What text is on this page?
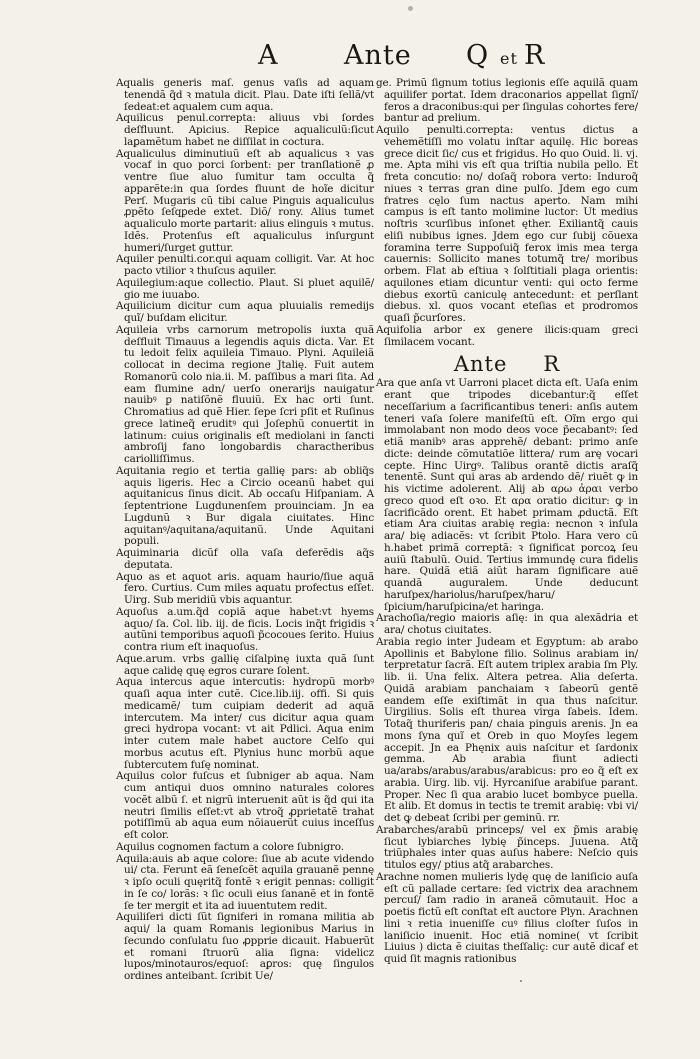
A Ante Q et R
Aqualis generis maſ. genus vaſis ad aquam tenendã q̃d ꝛ matula dicit. Plau. Date iſti ſellã/vt ſedeat:et aqualem cum aqua.
Aquilicus penul.correpta: aliuus vbi ſordes deſfluunt. Apicius. Repice aqualiculũ:ſicut laꝑamẽtum habet ne diſſilat in coctura.
Aqualiculus diminutiuũ eſt ab aqualicus ꝛ vas vocaf in quo porci ſorbent: per tranſlationẽ ꝓ ventre ſiue aluo ſumitur tam occulta q̃ apparẽte:in qua ſordes fluunt de hoĩe dicitur Perſ. Mugaris cũ tibi calue Pinguis aqualiculus ꝓpẽto ſeſqꝑede extet. Diõ/ rony. Alius tumet aqualiculo morte partarit: alius elinguis ꝛ mutus. Idẽs. Protenſus eſt aqualiculus inſurgunt humeri/ſurget guttur.
Aquiler penulti.cor.qui aquam colligit. Var. At hoc pacto vtilior ꝛ thuſcus aquiler.
Aquilegium:aque collectio. Plaut. Si pluet aquilẽ/ gio me iuuabo.
Aquilicium dicitur cum aqua pluuialis remedijs quĩ/ buſdam elicitur.
Aquileia vrbs carnorum metropolis iuxta quã deſfluit Timauus a legendis aquis dicta. Var. Et tu ledoit felix aquileia Timauo. Plyni. Aquileiã collocat in decima regione Jtalię. Fuit autem Romanorũ colo nia.ii. M. paſſibus a mari ſita. Ad eam flumine adn/ uerſo onerarijs nauigatur nauibꝰ ꝑ natiſõnẽ fluuiũ. Ex hac orti ſunt. Chromatius ad quẽ Hier. ſepe ſcri pſit et Ruſinus grece latineq̃ eruditꝰ qui Joſephũ conuertit in latinum: cuius originalis eſt mediolani in ſancti ambroſij fano longobardis charactheribus cariolliſſimus.
Aquitania regio et tertia gallię pars: ab obliq̃s aquis ligeris. Hec a Circio oceanũ habet qui aquitanicus ſinus dicit. Ab occaſu Hiſpaniam. A ſeptentrione Lugdunenſem prouinciam. Jn ea Lugdunũ ꝛ Bur digala ciuitates. Hinc aquitanꝰ/aquitana/aquitanũ. Unde Aquitani populi.
Aquiminaria dicũf olla vaſa deferẽdis aq̃s deputata.
Aquo as et aquot aris. aquam haurio/ſiue aquã fero. Curtius. Cum miles aquatu profectus eſſet. Uirg. Sub meridiũ vbis aquantur.
Aquoſus a.um.q̃d copiã aque habet:vt hyems aquo/ ſa. Col. lib. iij. de ficis. Locis inq̃t frigidis ꝛ autũni temporibus aquoſi p̃cocoues ſerito. Huius contra rium eſt inaquoſus.
Aque.arum. vrbs gallię ciſalpinę iuxta quã ſunt aque calidę quę egros curare ſolent.
Aqua intercus aque intercutis: hydropũ morbꝰ quaſi aqua inter cutẽ. Cice.lib.iij. offi. Si quis medicamẽ/ tum cuipiam dederit ad aquã intercutem. Ma inter/ cus dicitur aqua quam greci hydropa vocant: vt ait Pdlici. Aqua enim inter cutem male habet auctore Celſo qui morbus acutus eſt. Plynius hunc morbũ aque ſubtercutem fuſę nominat.
Aquilus color fuſcus et ſubniger ab aqua. Nam cum antiqui duos omnino naturales colores vocẽt albũ ſ. et nigrũ interuenit aũt is q̃d qui ita neutri ſimilis eſſet:vt ab vtroq̃ ꝓprietatẽ trahat potiſſimũ ab aqua eum nõiauerũt cuius inceſſus eſt color.
Aquilus cognomen factum a colore ſubnigro.
Aquila:auis ab aque colore: ſiue ab acute videndo ui/ cta. Ferunt eã ſeneſcẽt aquila grauanẽ pennę ꝛ ipſo oculi quęritq̃ fontẽ ꝛ erigit pennas: colligit in ſe co/ lorãs: ꝛ ſic oculi eius ſananẽ et in fontẽ ſe ter mergit et ita ad iuuentutem redit.
Aquiliſeri dicti ſũt ſigniferi in romana militia ab aqui/ la quam Romanis legionibus Marius in ſecundo conſulatu ſuo ꝓpprie dicauit. Habuerũt et romani ſtruorũ alia ſigna: videlicz lupos/minotauros/equoſ: aꝑros: quę ſingulos ordines anteibant. ſcribit Ue/
ge. Primũ ſignum totius legionis eſſe aquilã quam aquilifer portat. Idem draconarios appellat ſignĩ/ feros a draconibus:qui per ſingulas cohortes fere/ bantur ad prelium.
Aquilo penulti.correpta: ventus dictus a vehemẽtiſſi mo volatu inſtar aquilę. Hic boreas grece dicit ſic/ cus et frigidus. Ho quo Ouid. li. vj. me. Apta mihi vis eſt qua triſtia nubila pello. Et freta concutio: no/ doſaq̃ robora verto: Induroq̃ niues ꝛ terras gran dine pulſo. Jdem ego cum fratres cęlo ſum nactus aperto. Nam mihi campus is eſt tanto molimine luctor: Ut medius noſtris ꝛcurſibus inſonet ęther. Exiliantq̃ cauis eliſi nubibus ignes. Jdem ego cur ſubij cõuexa foramina terre Suppoſuiq̃ ferox imis mea terga cauernis: Sollicito manes totumq̃ tre/ moribus orbem. Flat ab eſtiua ꝛ ſolſtitiali plaga orientis: aquilones etiam dicuntur venti: qui octo ferme diebus exortũ caniculę antecedunt: et perſlant diebus. xl. quos vocant eteſias et prodromos quaſi p̃curſores.
Aquifolia arbor ex genere ilicis:quam greci ſimilacem vocant.
Ante R
Ara que anſa vt Uarroni placet dicta eſt. Uaſa enim erant que tripodes dicebantur:q̃ eſſet neceſſarium a ſacrificantibus teneri: anſis autem teneri vaſa ſolere manifeſtũ eſt. Oĩm ergo qui immolabant non modo deos voce p̃ecabantꝰ: ſed etiã manibꝰ aras apprehẽ/ debant: primo anſe dicte: deinde cõmutatiõe littera/ rum arę vocari cepte. Hinc Uirgꝰ. Talibus orantẽ dictis araſq̃ tenentẽ. Sunt qui aras ab ardendo dẽ/ riuẽt ꝙ in his victime adolerent. Alij ab αρω ἀραι verbo greco quod eſt oꝛo. Et αρα oratio dicitur: ꝙ in ſacrificãdo orent. Et habet primam ꝓductã. Eſt etiam Ara ciuitas arabię regia: necnon ꝛ inſula ara/ bię adiacẽs: vt ſcribit Ptolo. Hara vero cũ h.habet primã correptã: ꝛ ſignificat porcoꝝ ſeu auiũ ſtabulũ. Ouid. Tertius immundę cura fidelis hare. Quidã etiã aiũt haram ſignificare auẽ quandã auguralem. Unde deducunt haruſpex/hariolus/haruſpex/haru/ ſpicium/haruſpicina/et haringa.
Arachoſia/regio maioris aſię: in qua alexãdria et ara/ chotus ciuitates.
Arabia regio inter Judeam et Egyptum: ab arabo Apollinis et Babylone filio. Solinus arabiam in/ terpretatur ſacrã. Eſt autem triplex arabia ſm Ply. lib. ii. Una felix. Altera petrea. Alia deſerta. Quidã arabiam panchaiam ꝛ ſabeorũ gentẽ eandem eſſe exiſtimãt in qua thus naſcitur. Uirgilius. Solis eſt thurea virga ſabeis. Idem. Totaq̃ thuriferis pan/ chaia pinguis arenis. Jn ea mons ſyna quĩ et Oreb in quo Moyſes legem accepit. Jn ea Phęnix auis naſcitur et ſardonix gemma. Ab arabia fiunt adiecti ua/arabs/arabus/arabus/arabicus: pro eo q̃ eſt ex arabia. Uirg. lib. vij. Hyrcaniſue arabiſue parant. Proper. Nec ſi qua arabio lucet bombyce puella. Et alib. Et domus in tectis te tremit arabię: vbi vi/ det ꝙ debeat ſcribi per geminũ. rr.
Arabarches/arabũ princeps/ vel ex p̃mis arabię ſicut lybiarches lybię p̃inceps. Juuena. Atq̃ triũphales inter quas auſus habere: Neſcio quis titulos egy/ ptius atq̃ arabarches.
Arachne nomen mulieris lydę quę de laniſicio auſa eſt cũ pallade certare: ſed victrix dea arachnem percuſ/ ſam radio in araneã cõmutauit. Hoc a poetis fictũ eſt conſtat eſt auctore Plyn. Arachnen lini ꝛ retia inueniſſe cuꝰ filius cloſter ſuſos in laniſicio inuenit. Hoc etiã nomine( vt ſcribit Liuius ) dicta ẽ ciuitas theſſaliç: cur autẽ dicaf et quid ſit magnis rationibus
